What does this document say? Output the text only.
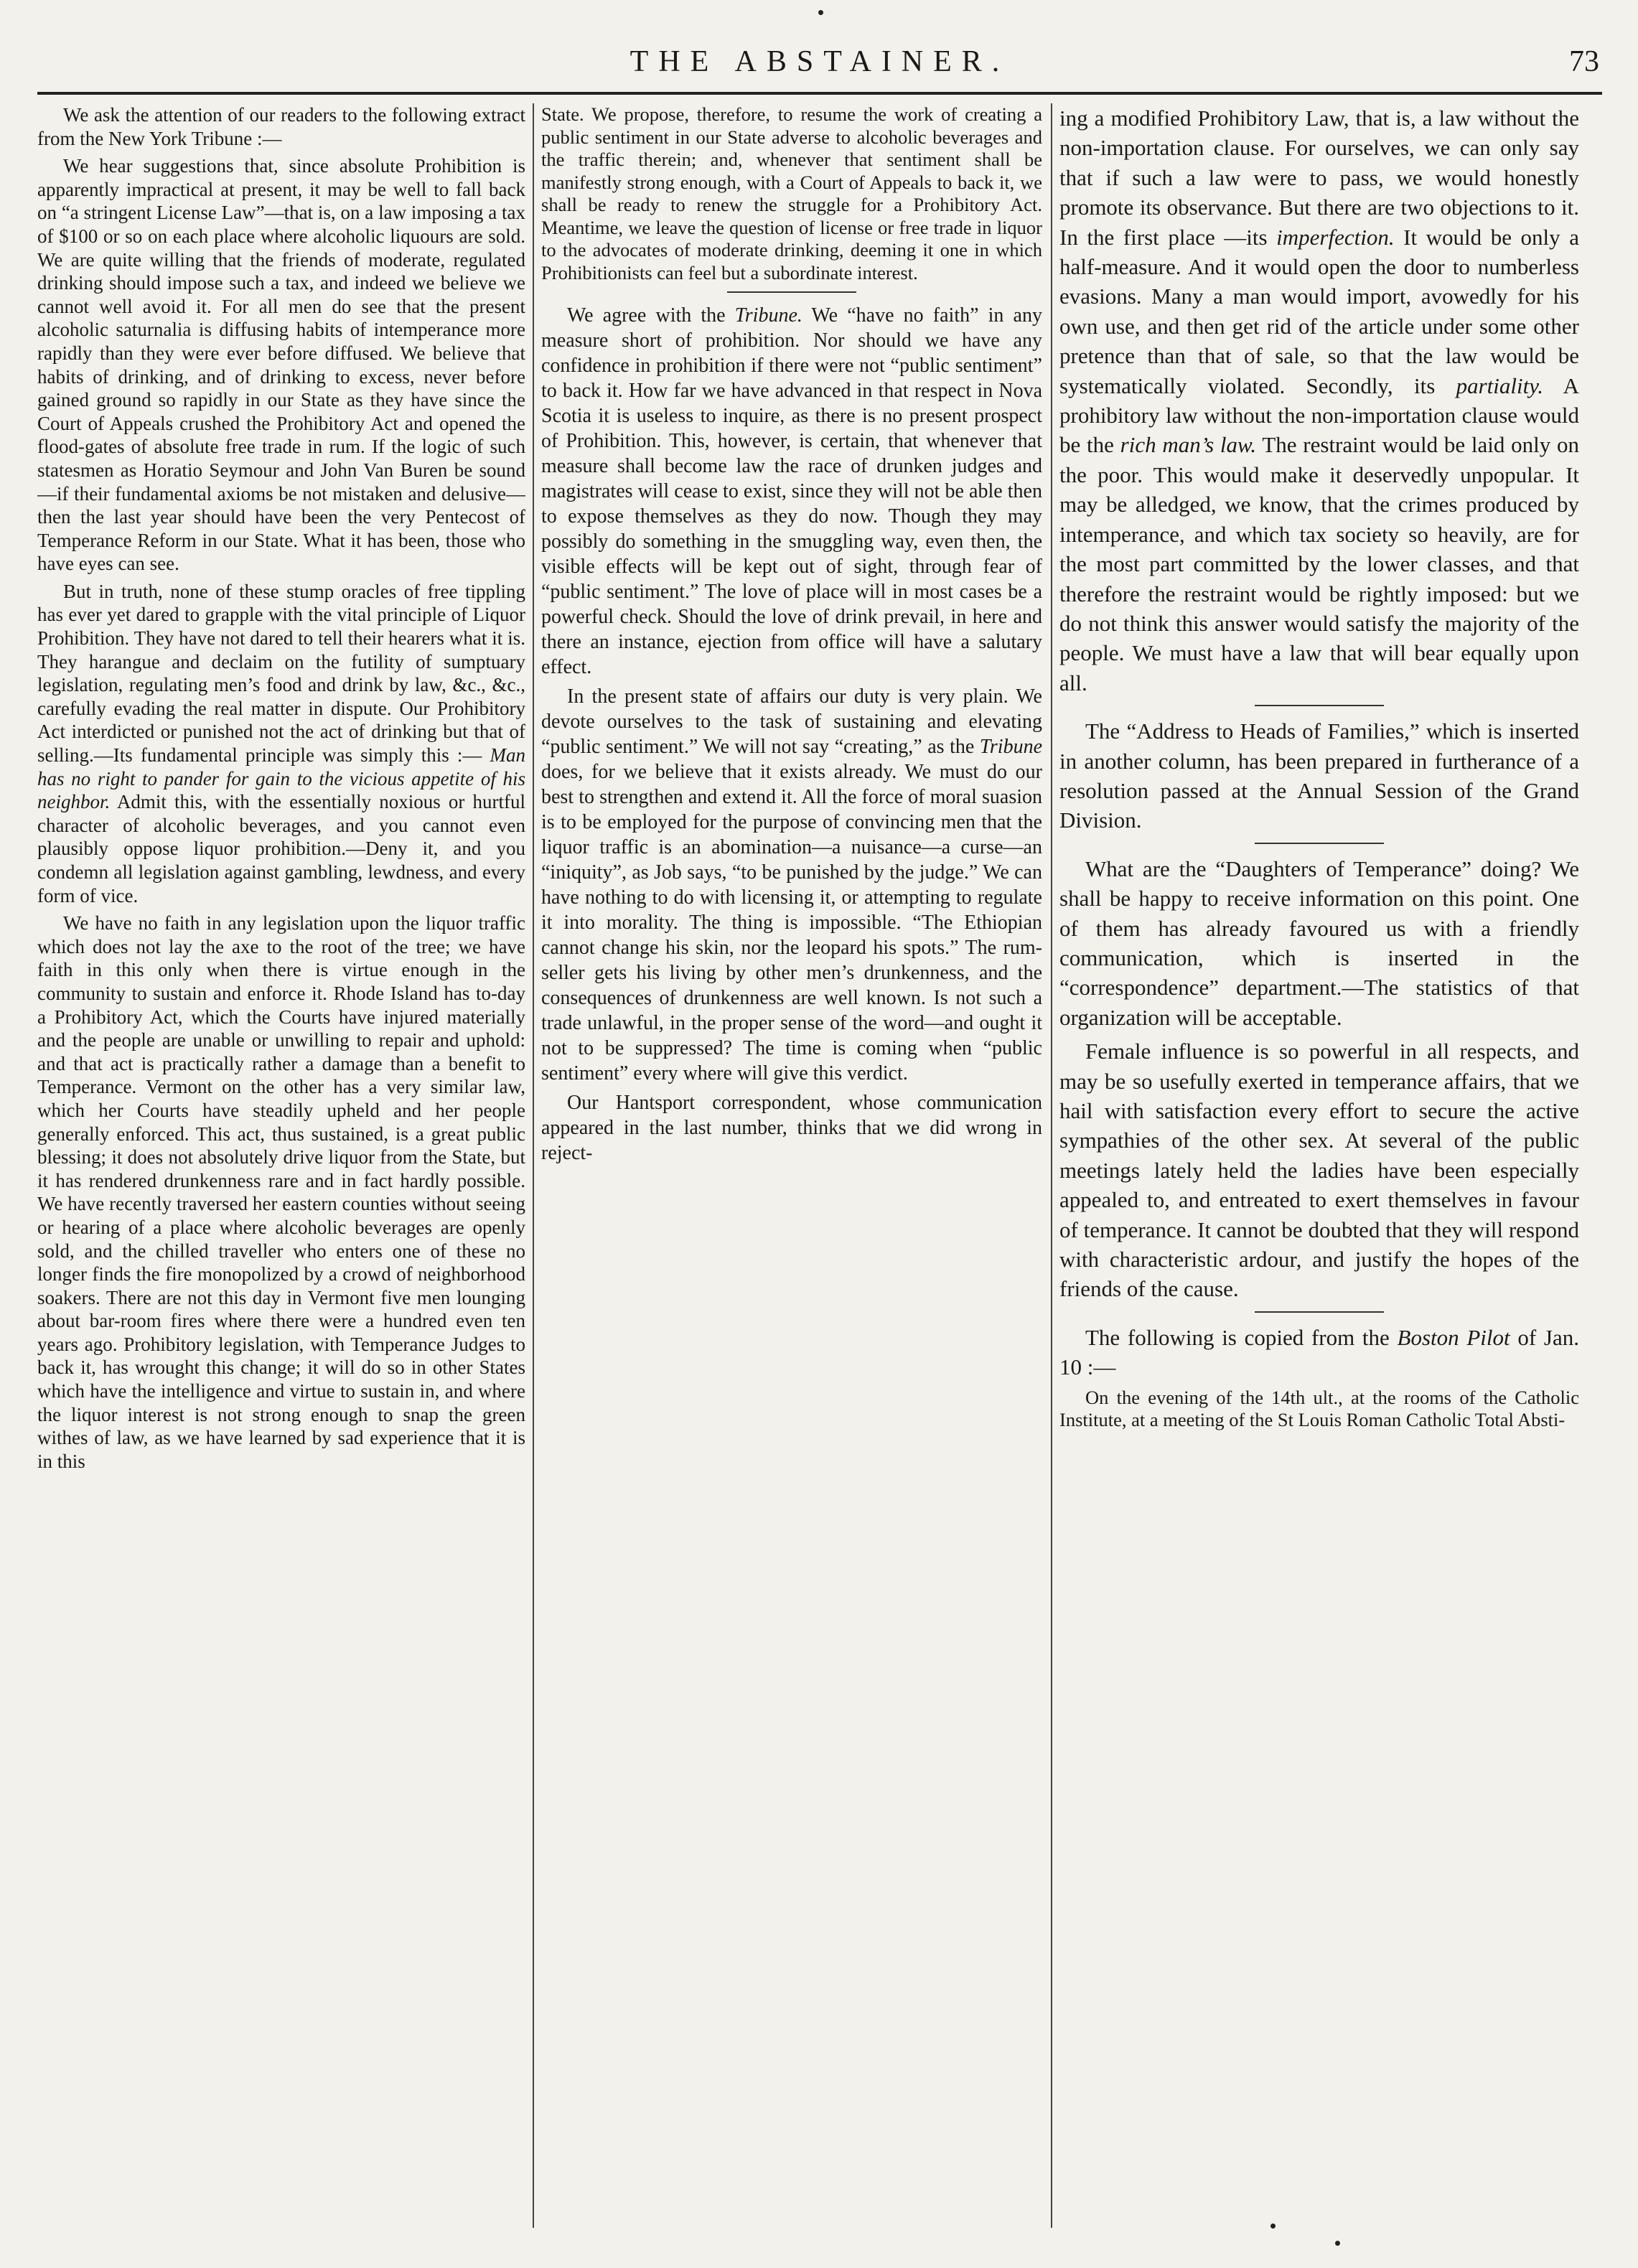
THE ABSTAINER.	73

We ask the attention of our readers to the following extract from the New York Tribune :—

We hear suggestions that, since absolute Prohibition is apparently impractical at present, it may be well to fall back on “a stringent License Law”—that is, on a law imposing a tax of $100 or so on each place where alcoholic liquours are sold. We are quite willing that the friends of moderate, regulated drinking should impose such a tax, and indeed we believe we cannot well avoid it. For all men do see that the present alcoholic saturnalia is diffusing habits of intemperance more rapidly than they were ever before diffused. We believe that habits of drinking, and of drinking to excess, never before gained ground so rapidly in our State as they have since the Court of Appeals crushed the Prohibitory Act and opened the flood-gates of absolute free trade in rum. If the logic of such statesmen as Horatio Seymour and John Van Buren be sound—if their fundamental axioms be not mistaken and delusive—then the last year should have been the very Pentecost of Temperance Reform in our State. What it has been, those who have eyes can see.

But in truth, none of these stump oracles of free tippling has ever yet dared to grapple with the vital principle of Liquor Prohibition. They have not dared to tell their hearers what it is. They harangue and declaim on the futility of sumptuary legislation, regulating men’s food and drink by law, &c., &c., carefully evading the real matter in dispute. Our Prohibitory Act interdicted or punished not the act of drinking but that of selling.—Its fundamental principle was simply this :— Man has no right to pander for gain to the vicious appetite of his neighbor. Admit this, with the essentially noxious or hurtful character of alcoholic beverages, and you cannot even plausibly oppose liquor prohibition.—Deny it, and you condemn all legislation against gambling, lewdness, and every form of vice.

We have no faith in any legislation upon the liquor traffic which does not lay the axe to the root of the tree; we have faith in this only when there is virtue enough in the community to sustain and enforce it. Rhode Island has to-day a Prohibitory Act, which the Courts have injured materially and the people are unable or unwilling to repair and uphold: and that act is practically rather a damage than a benefit to Temperance. Vermont on the other has a very similar law, which her Courts have steadily upheld and her people generally enforced. This act, thus sustained, is a great public blessing; it does not absolutely drive liquor from the State, but it has rendered drunkenness rare and in fact hardly possible. We have recently traversed her eastern counties without seeing or hearing of a place where alcoholic beverages are openly sold, and the chilled traveller who enters one of these no longer finds the fire monopolized by a crowd of neighborhood soakers. There are not this day in Vermont five men lounging about bar-room fires where there were a hundred even ten years ago. Prohibitory legislation, with Temperance Judges to back it, has wrought this change; it will do so in other States which have the intelligence and virtue to sustain in, and where the liquor interest is not strong enough to snap the green withes of law, as we have learned by sad experience that it is in this

State. We propose, therefore, to resume the work of creating a public sentiment in our State adverse to alcoholic beverages and the traffic therein; and, whenever that sentiment shall be manifestly strong enough, with a Court of Appeals to back it, we shall be ready to renew the struggle for a Prohibitory Act. Meantime, we leave the question of license or free trade in liquor to the advocates of moderate drinking, deeming it one in which Prohibitionists can feel but a subordinate interest.

We agree with the Tribune. We “have no faith” in any measure short of prohibition. Nor should we have any confidence in prohibition if there were not “public sentiment” to back it. How far we have advanced in that respect in Nova Scotia it is useless to inquire, as there is no present prospect of Prohibition. This, however, is certain, that whenever that measure shall become law the race of drunken judges and magistrates will cease to exist, since they will not be able then to expose themselves as they do now. Though they may possibly do something in the smuggling way, even then, the visible effects will be kept out of sight, through fear of “public sentiment.” The love of place will in most cases be a powerful check. Should the love of drink prevail, in here and there an instance, ejection from office will have a salutary effect.

In the present state of affairs our duty is very plain. We devote ourselves to the task of sustaining and elevating “public sentiment.” We will not say “creating,” as the Tribune does, for we believe that it exists already. We must do our best to strengthen and extend it. All the force of moral suasion is to be employed for the purpose of convincing men that the liquor traffic is an abomination—a nuisance—a curse—an “iniquity”, as Job says, “to be punished by the judge.” We can have nothing to do with licensing it, or attempting to regulate it into morality. The thing is impossible. “The Ethiopian cannot change his skin, nor the leopard his spots.” The rum-seller gets his living by other men’s drunkenness, and the consequences of drunkenness are well known. Is not such a trade unlawful, in the proper sense of the word—and ought it not to be suppressed? The time is coming when “public sentiment” every where will give this verdict.

Our Hantsport correspondent, whose communication appeared in the last number, thinks that we did wrong in reject-

ing a modified Prohibitory Law, that is, a law without the non-importation clause. For ourselves, we can only say that if such a law were to pass, we would honestly promote its observance. But there are two objections to it. In the first place —its imperfection. It would be only a half-measure. And it would open the door to numberless evasions. Many a man would import, avowedly for his own use, and then get rid of the article under some other pretence than that of sale, so that the law would be systematically violated. Secondly, its partiality. A prohibitory law without the non-importation clause would be the rich man’s law. The restraint would be laid only on the poor. This would make it deservedly unpopular. It may be alledged, we know, that the crimes produced by intemperance, and which tax society so heavily, are for the most part committed by the lower classes, and that therefore the restraint would be rightly imposed: but we do not think this answer would satisfy the majority of the people. We must have a law that will bear equally upon all.

The “Address to Heads of Families,” which is inserted in another column, has been prepared in furtherance of a resolution passed at the Annual Session of the Grand Division.

What are the “Daughters of Temperance” doing? We shall be happy to receive information on this point. One of them has already favoured us with a friendly communication, which is inserted in the “correspondence” department.—The statistics of that organization will be acceptable.

Female influence is so powerful in all respects, and may be so usefully exerted in temperance affairs, that we hail with satisfaction every effort to secure the active sympathies of the other sex. At several of the public meetings lately held the ladies have been especially appealed to, and entreated to exert themselves in favour of temperance. It cannot be doubted that they will respond with characteristic ardour, and justify the hopes of the friends of the cause.

The following is copied from the Boston Pilot of Jan. 10 :—

On the evening of the 14th ult., at the rooms of the Catholic Institute, at a meeting of the St Louis Roman Catholic Total Absti-
